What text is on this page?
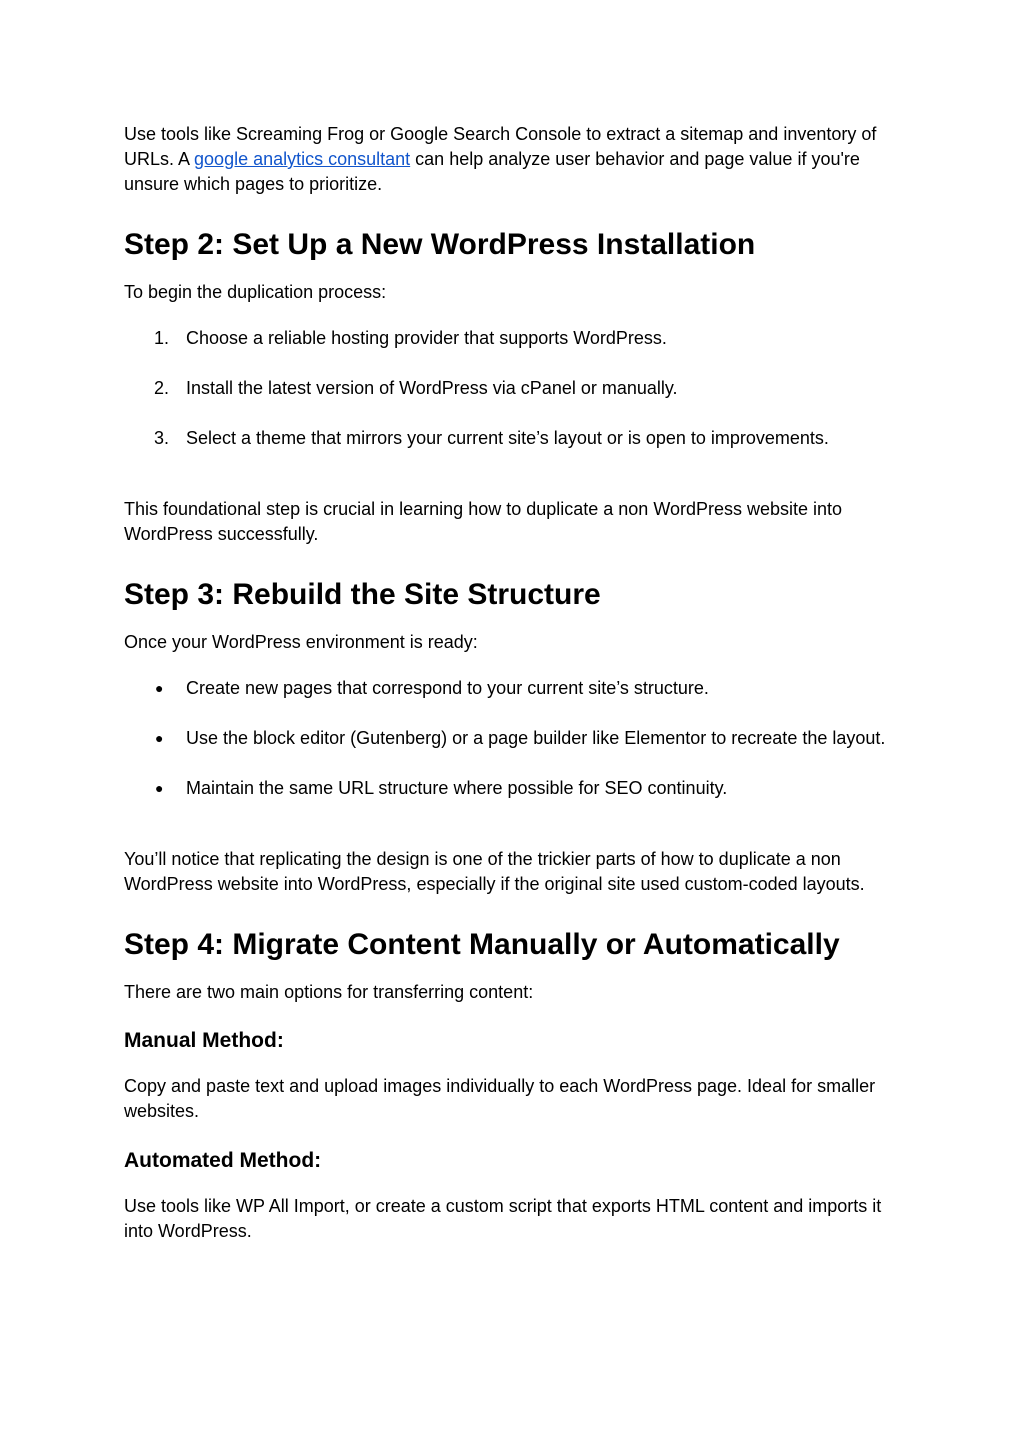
Use tools like Screaming Frog or Google Search Console to extract a sitemap and inventory of URLs. A google analytics consultant can help analyze user behavior and page value if you're unsure which pages to prioritize.

Step 2: Set Up a New WordPress Installation

To begin the duplication process:

1. Choose a reliable hosting provider that supports WordPress.
2. Install the latest version of WordPress via cPanel or manually.
3. Select a theme that mirrors your current site’s layout or is open to improvements.

This foundational step is crucial in learning how to duplicate a non WordPress website into WordPress successfully.

Step 3: Rebuild the Site Structure

Once your WordPress environment is ready:

●	Create new pages that correspond to your current site’s structure.
●	Use the block editor (Gutenberg) or a page builder like Elementor to recreate the layout.
●	Maintain the same URL structure where possible for SEO continuity.

You’ll notice that replicating the design is one of the trickier parts of how to duplicate a non WordPress website into WordPress, especially if the original site used custom-coded layouts.

Step 4: Migrate Content Manually or Automatically

There are two main options for transferring content:

Manual Method:

Copy and paste text and upload images individually to each WordPress page. Ideal for smaller websites.

Automated Method:

Use tools like WP All Import, or create a custom script that exports HTML content and imports it into WordPress.
